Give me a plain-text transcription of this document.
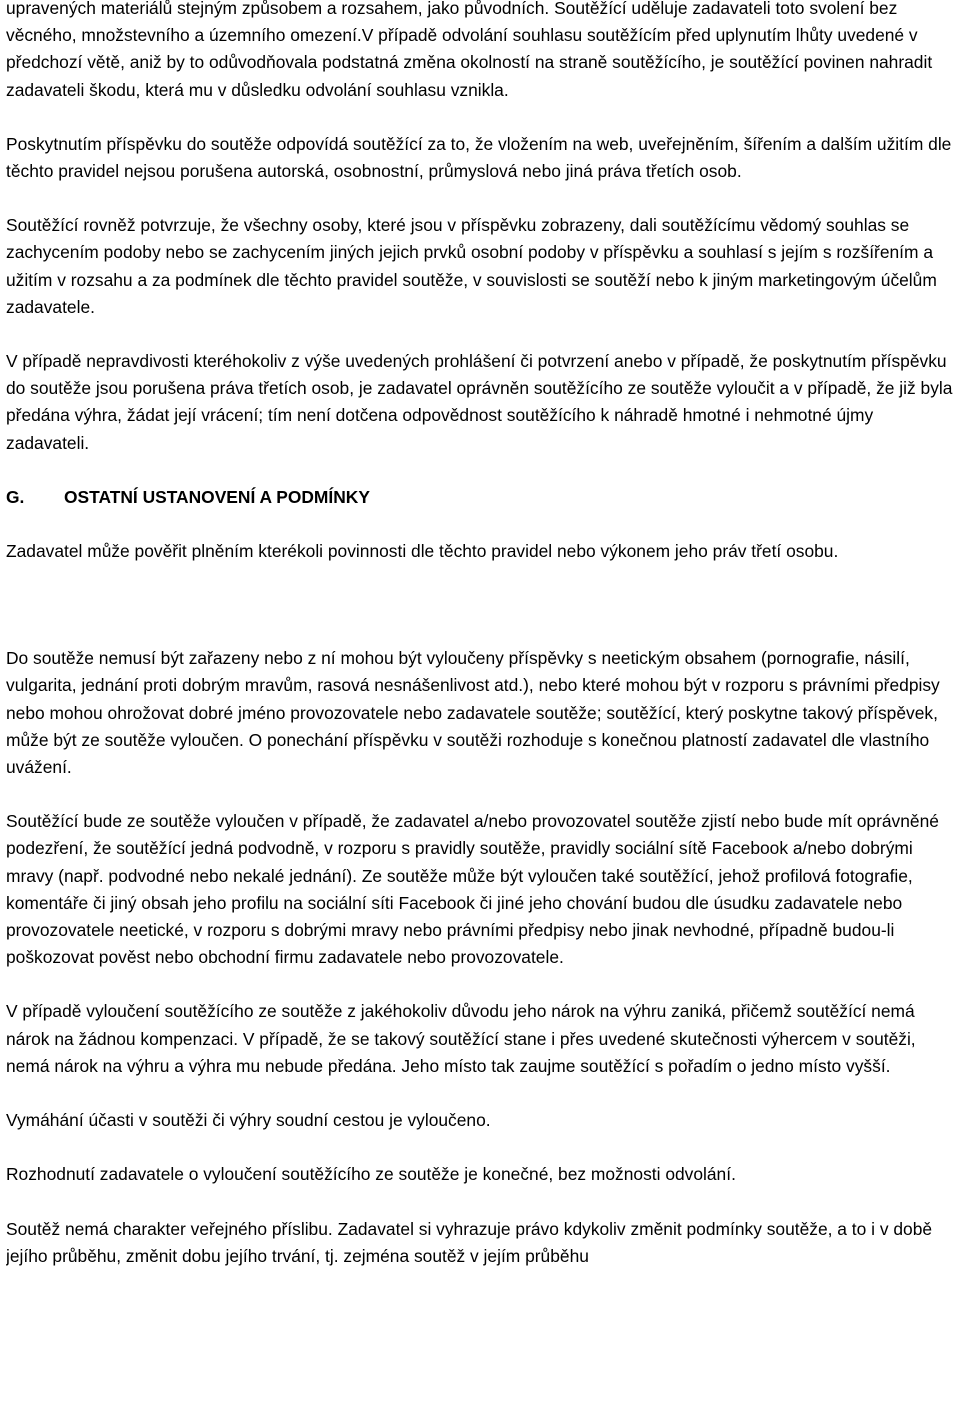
upravených materiálů stejným způsobem a rozsahem, jako původních. Soutěžící uděluje zadavateli toto svolení bez věcného, množstevního a územního omezení.V případě odvolání souhlasu soutěžícím před uplynutím lhůty uvedené v předchozí větě, aniž by to odůvodňovala podstatná změna okolností na straně soutěžícího, je soutěžící povinen nahradit zadavateli škodu, která mu v důsledku odvolání souhlasu vznikla.

Poskytnutím příspěvku do soutěže odpovídá soutěžící za to, že vložením na web, uveřejněním, šířením a dalším užitím dle těchto pravidel nejsou porušena autorská, osobnostní, průmyslová nebo jiná práva třetích osob.

Soutěžící rovněž potvrzuje, že všechny osoby, které jsou v příspěvku zobrazeny, dali soutěžícímu vědomý souhlas se zachycením podoby nebo se zachycením jiných jejich prvků osobní podoby v příspěvku a souhlasí s jejím s rozšířením a užitím v rozsahu a za podmínek dle těchto pravidel soutěže, v souvislosti se soutěží nebo k jiným marketingovým účelům zadavatele.

V případě nepravdivosti kteréhokoliv z výše uvedených prohlášení či potvrzení anebo v případě, že poskytnutím příspěvku do soutěže jsou porušena práva třetích osob, je zadavatel oprávněn soutěžícího ze soutěže vyloučit a v případě, že již byla předána výhra, žádat její vrácení; tím není dotčena odpovědnost soutěžícího k náhradě hmotné i nehmotné újmy zadavateli.

G. OSTATNÍ USTANOVENÍ A PODMÍNKY

Zadavatel může pověřit plněním kterékoli povinnosti dle těchto pravidel nebo výkonem jeho práv třetí osobu.

Do soutěže nemusí být zařazeny nebo z ní mohou být vyloučeny příspěvky s neetickým obsahem (pornografie, násilí, vulgarita, jednání proti dobrým mravům, rasová nesnášenlivost atd.), nebo které mohou být v rozporu s právními předpisy nebo mohou ohrožovat dobré jméno provozovatele nebo zadavatele soutěže; soutěžící, který poskytne takový příspěvek, může být ze soutěže vyloučen. O ponechání příspěvku v soutěži rozhoduje s konečnou platností zadavatel dle vlastního uvážení.

Soutěžící bude ze soutěže vyloučen v případě, že zadavatel a/nebo provozovatel soutěže zjistí nebo bude mít oprávněné podezření, že soutěžící jedná podvodně, v rozporu s pravidly soutěže, pravidly sociální sítě Facebook a/nebo dobrými mravy (např. podvodné nebo nekalé jednání). Ze soutěže může být vyloučen také soutěžící, jehož profilová fotografie, komentáře či jiný obsah jeho profilu na sociální síti Facebook či jiné jeho chování budou dle úsudku zadavatele nebo provozovatele neetické, v rozporu s dobrými mravy nebo právními předpisy nebo jinak nevhodné, případně budou-li poškozovat pověst nebo obchodní firmu zadavatele nebo provozovatele.

V případě vyloučení soutěžícího ze soutěže z jakéhokoliv důvodu jeho nárok na výhru zaniká, přičemž soutěžící nemá nárok na žádnou kompenzaci. V případě, že se takový soutěžící stane i přes uvedené skutečnosti výhercem v soutěži, nemá nárok na výhru a výhra mu nebude předána. Jeho místo tak zaujme soutěžící s pořadím o jedno místo vyšší.

Vymáhání účasti v soutěži či výhry soudní cestou je vyloučeno.

Rozhodnutí zadavatele o vyloučení soutěžícího ze soutěže je konečné, bez možnosti odvolání.

Soutěž nemá charakter veřejného příslibu. Zadavatel si vyhrazuje právo kdykoliv změnit podmínky soutěže, a to i v době jejího průběhu, změnit dobu jejího trvání, tj. zejména soutěž v jejím průběhu
